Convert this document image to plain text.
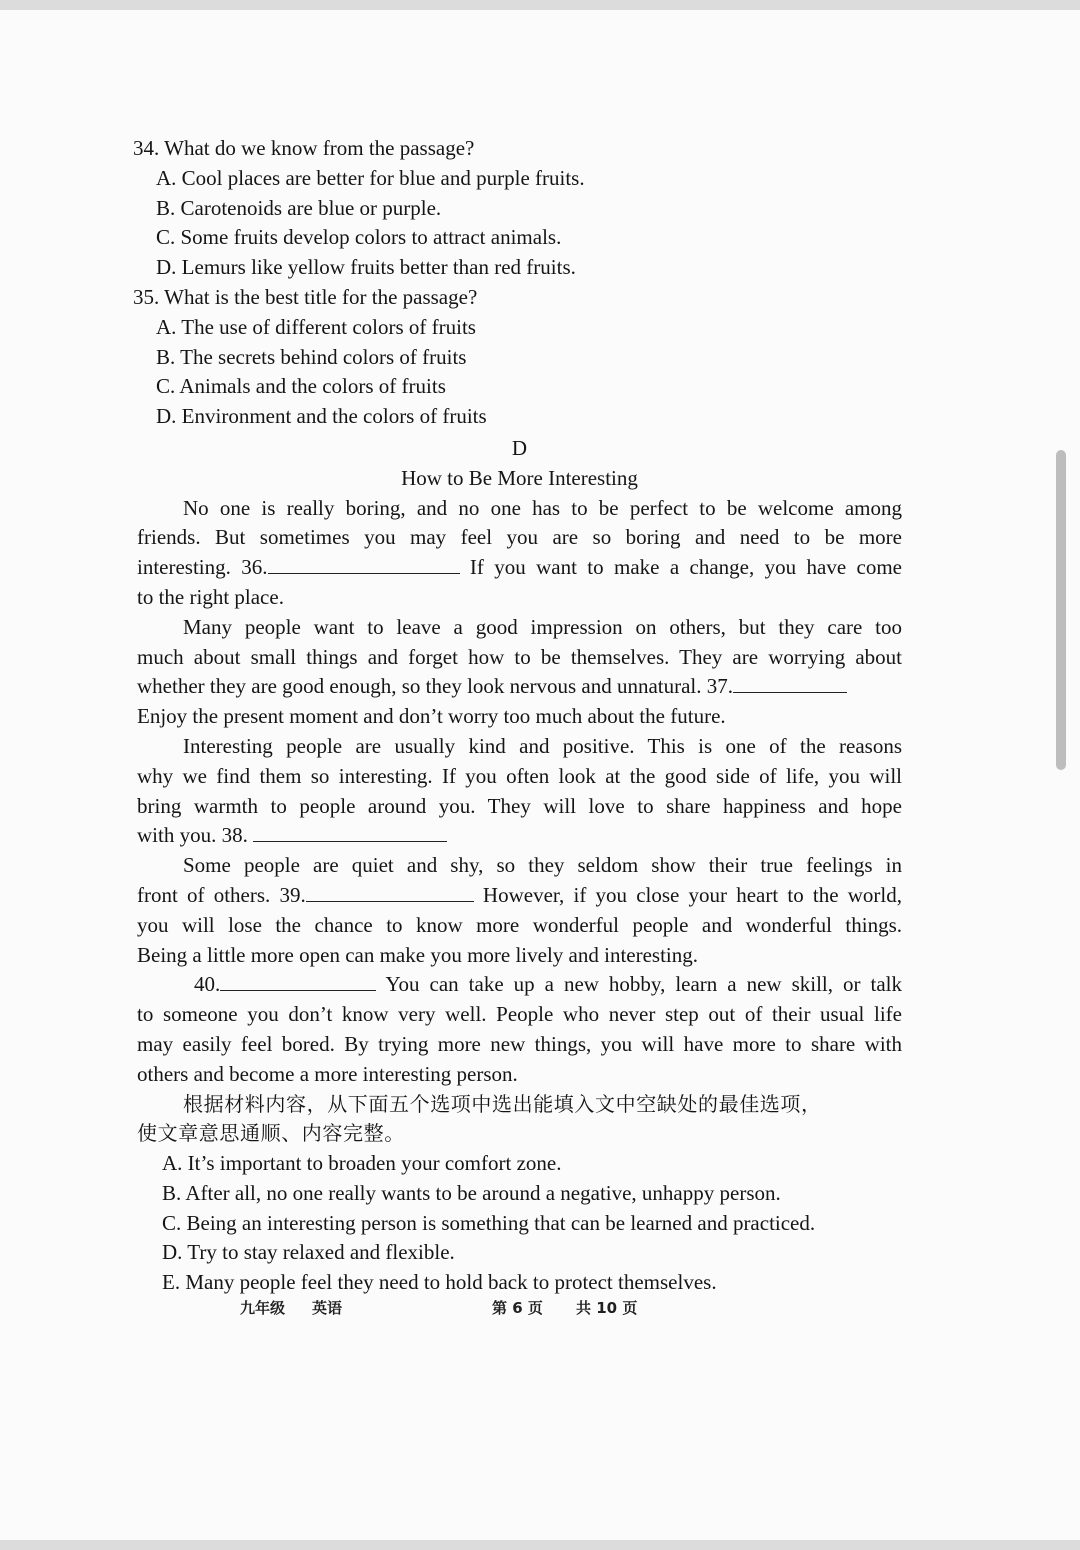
34. What do we know from the passage?
A. Cool places are better for blue and purple fruits.
B. Carotenoids are blue or purple.
C. Some fruits develop colors to attract animals.
D. Lemurs like yellow fruits better than red fruits.
35. What is the best title for the passage?
A. The use of different colors of fruits
B. The secrets behind colors of fruits
C. Animals and the colors of fruits
D. Environment and the colors of fruits
D
How to Be More Interesting
No one is really boring, and no one has to be perfect to be welcome among
friends. But sometimes you may feel you are so boring and need to be more
interesting. 36.	If you want to make a change, you have come
to the right place.
Many people want to leave a good impression on others, but they care too
much about small things and forget how to be themselves. They are worrying about
whether they are good enough, so they look nervous and unnatural. 37.
Enjoy the present moment and don’t worry too much about the future.
Interesting people are usually kind and positive. This is one of the reasons
why we find them so interesting. If you often look at the good side of life, you will
bring warmth to people around you. They will love to share happiness and hope
with you. 38.
Some people are quiet and shy, so they seldom show their true feelings in
front of others. 39.	However, if you close your heart to the world,
you will lose the chance to know more wonderful people and wonderful things.
Being a little more open can make you more lively and interesting.
40.	You can take up a new hobby, learn a new skill, or talk
to someone you don’t know very well. People who never step out of their usual life
may easily feel bored. By trying more new things, you will have more to share with
others and become a more interesting person.
根据材料内容，从下面五个选项中选出能填入文中空缺处的最佳选项，
使文章意思通顺、内容完整。
A. It’s important to broaden your comfort zone.
B. After all, no one really wants to be around a negative, unhappy person.
C. Being an interesting person is something that can be learned and practiced.
D. Try to stay relaxed and flexible.
E. Many people feel they need to hold back to protect themselves.
九年级 英语	第 6 页 共 10 页
